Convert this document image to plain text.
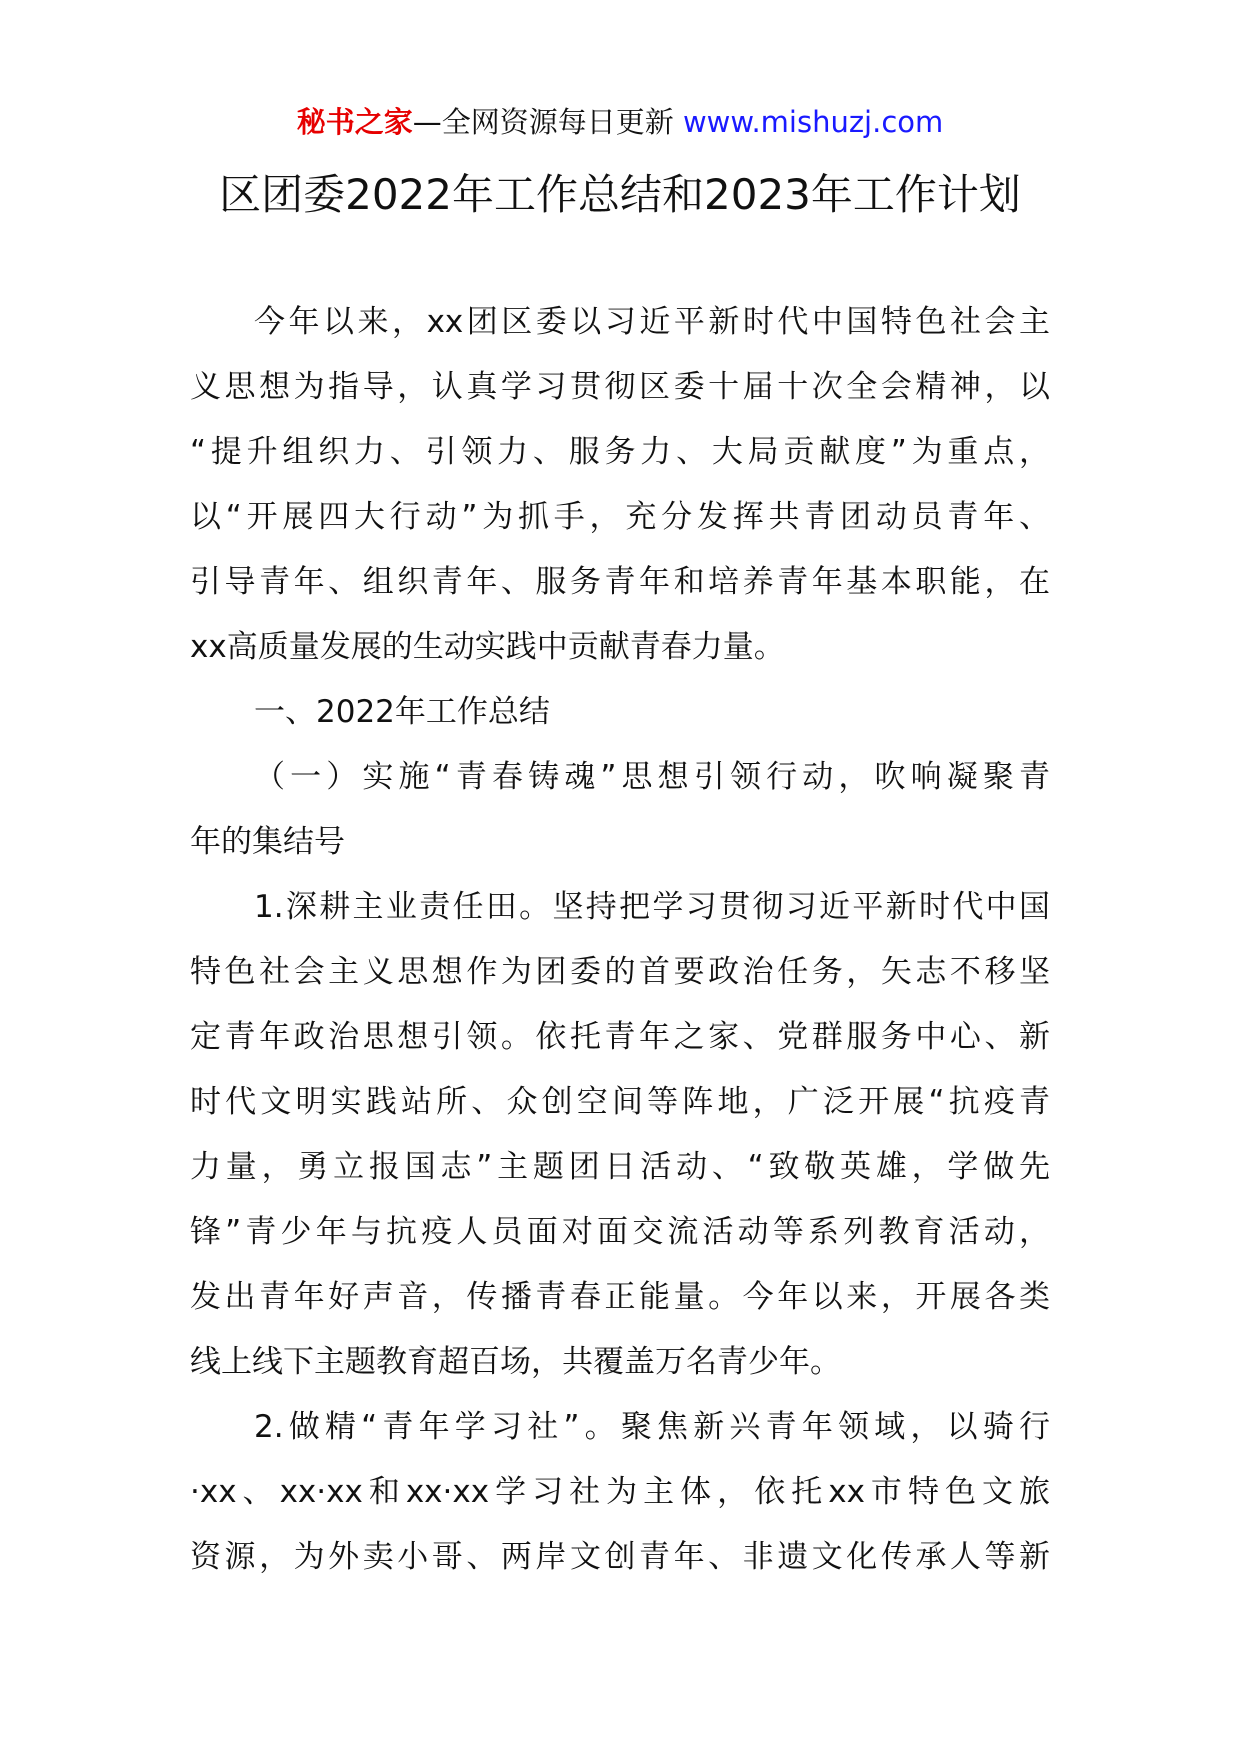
秘书之家—全网资源每日更新 www.mishuzj.com
区团委2022年工作总结和2023年工作计划
今年以来，xx团区委以习近平新时代中国特色社会主
义思想为指导，认真学习贯彻区委十届十次全会精神，以
“提升组织力、引领力、服务力、大局贡献度”为重点，
以“开展四大行动”为抓手，充分发挥共青团动员青年、
引导青年、组织青年、服务青年和培养青年基本职能，在
xx高质量发展的生动实践中贡献青春力量。
一、2022年工作总结
（一）实施“青春铸魂”思想引领行动，吹响凝聚青
年的集结号
1.深耕主业责任田。坚持把学习贯彻习近平新时代中国
特色社会主义思想作为团委的首要政治任务，矢志不移坚
定青年政治思想引领。依托青年之家、党群服务中心、新
时代文明实践站所、众创空间等阵地，广泛开展“抗疫青
力量，勇立报国志”主题团日活动、“致敬英雄，学做先
锋”青少年与抗疫人员面对面交流活动等系列教育活动，
发出青年好声音，传播青春正能量。今年以来，开展各类
线上线下主题教育超百场，共覆盖万名青少年。
2.做精“青年学习社”。聚焦新兴青年领域，以骑行
·xx、xx·xx和xx·xx学习社为主体，依托xx市特色文旅
资源，为外卖小哥、两岸文创青年、非遗文化传承人等新
